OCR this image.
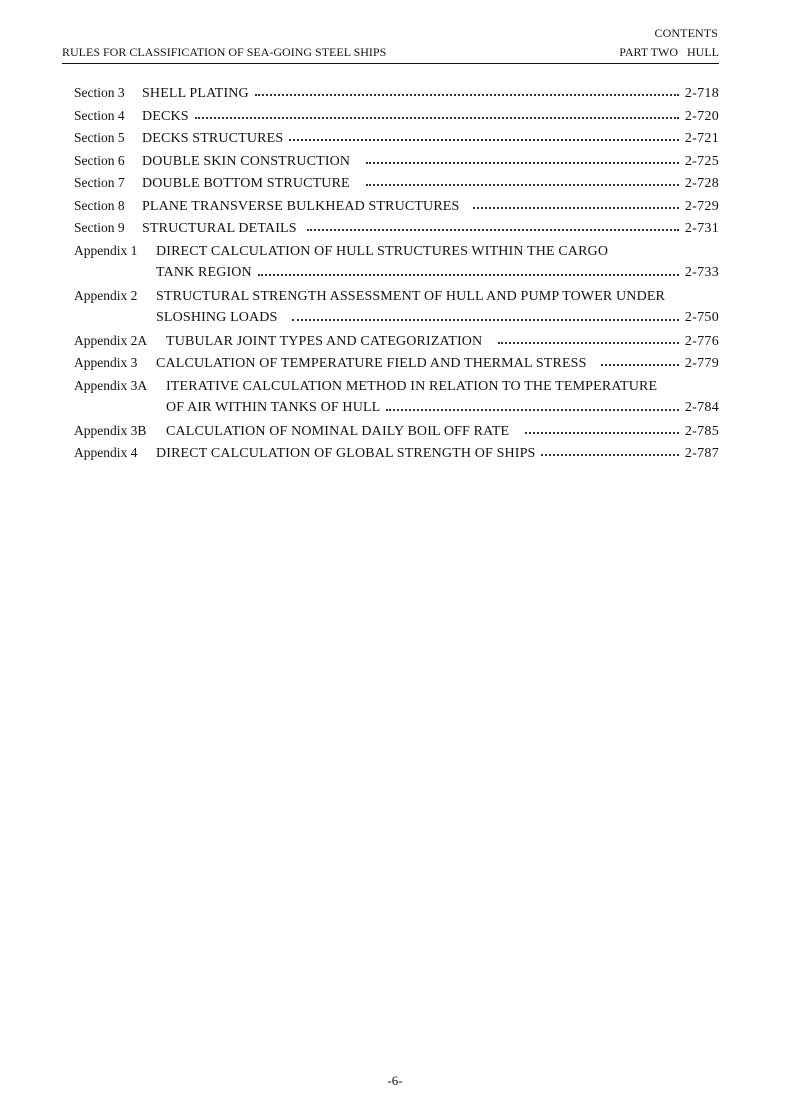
CONTENTS
RULES FOR CLASSIFICATION OF SEA-GOING STEEL SHIPS	PART TWO   HULL
Section 3	SHELL PLATING	2-718
Section 4	DECKS	2-720
Section 5	DECKS STRUCTURES	2-721
Section 6	DOUBLE SKIN CONSTRUCTION	2-725
Section 7	DOUBLE BOTTOM STRUCTURE	2-728
Section 8	PLANE TRANSVERSE BULKHEAD STRUCTURES	2-729
Section 9	STRUCTURAL DETAILS	2-731
Appendix 1	DIRECT CALCULATION OF HULL STRUCTURES WITHIN THE CARGO
TANK REGION	2-733
Appendix 2	STRUCTURAL STRENGTH ASSESSMENT OF HULL AND PUMP TOWER UNDER
SLOSHING LOADS	2-750
Appendix 2A	TUBULAR JOINT TYPES AND CATEGORIZATION	2-776
Appendix 3	CALCULATION OF TEMPERATURE FIELD AND THERMAL STRESS	2-779
Appendix 3A	ITERATIVE CALCULATION METHOD IN RELATION TO THE TEMPERATURE
OF AIR WITHIN TANKS OF HULL	2-784
Appendix 3B	CALCULATION OF NOMINAL DAILY BOIL OFF RATE	2-785
Appendix 4	DIRECT CALCULATION OF GLOBAL STRENGTH OF SHIPS	2-787
-6-
